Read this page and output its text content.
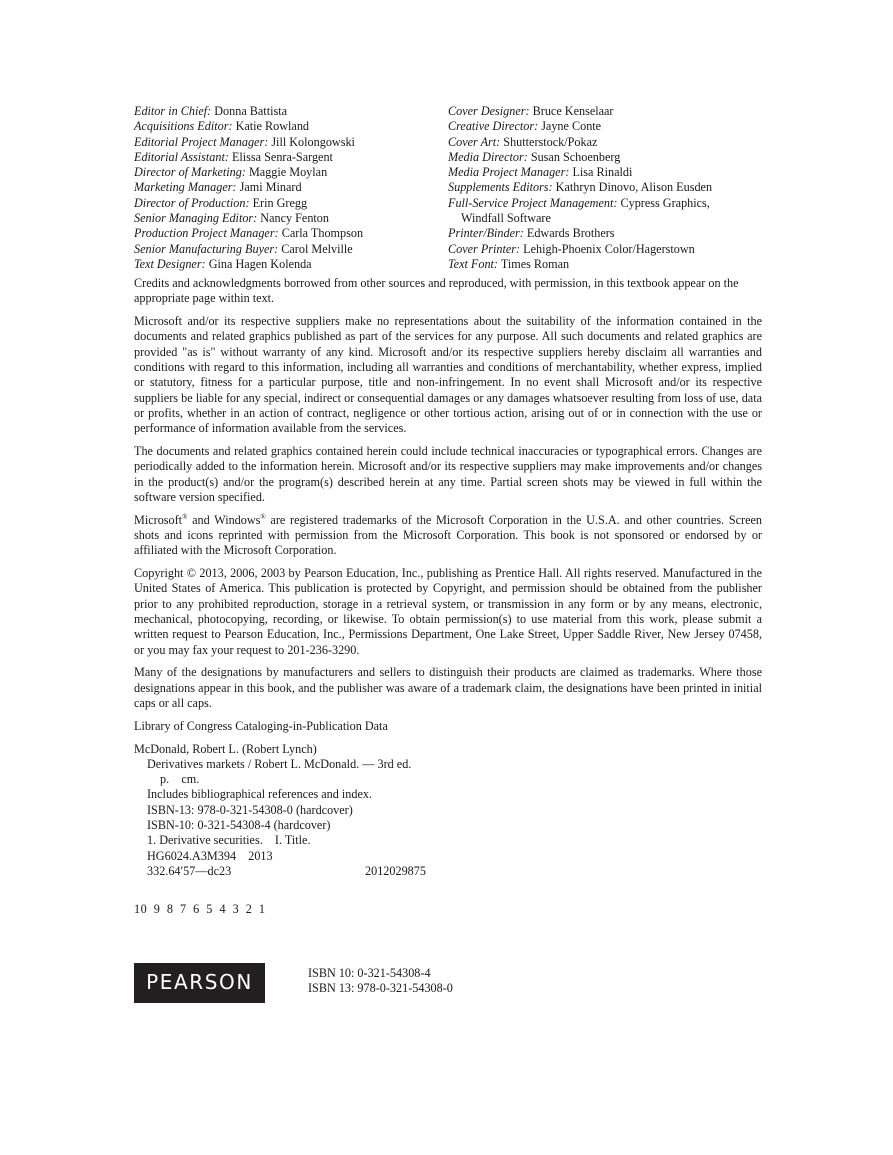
Editor in Chief: Donna Battista
Acquisitions Editor: Katie Rowland
Editorial Project Manager: Jill Kolongowski
Editorial Assistant: Elissa Senra-Sargent
Director of Marketing: Maggie Moylan
Marketing Manager: Jami Minard
Director of Production: Erin Gregg
Senior Managing Editor: Nancy Fenton
Production Project Manager: Carla Thompson
Senior Manufacturing Buyer: Carol Melville
Text Designer: Gina Hagen Kolenda
Cover Designer: Bruce Kenselaar
Creative Director: Jayne Conte
Cover Art: Shutterstock/Pokaz
Media Director: Susan Schoenberg
Media Project Manager: Lisa Rinaldi
Supplements Editors: Kathryn Dinovo, Alison Eusden
Full-Service Project Management: Cypress Graphics,
Windfall Software
Printer/Binder: Edwards Brothers
Cover Printer: Lehigh-Phoenix Color/Hagerstown
Text Font: Times Roman

Credits and acknowledgments borrowed from other sources and reproduced, with permission, in this textbook appear on the appropriate page within text.

Microsoft and/or its respective suppliers make no representations about the suitability of the information contained in the documents and related graphics published as part of the services for any purpose. All such documents and related graphics are provided "as is" without warranty of any kind. Microsoft and/or its respective suppliers hereby disclaim all warranties and conditions with regard to this information, including all warranties and conditions of merchantability, whether express, implied or statutory, fitness for a particular purpose, title and non-infringement. In no event shall Microsoft and/or its respective suppliers be liable for any special, indirect or consequential damages or any damages whatsoever resulting from loss of use, data or profits, whether in an action of contract, negligence or other tortious action, arising out of or in connection with the use or performance of information available from the services.

The documents and related graphics contained herein could include technical inaccuracies or typographical errors. Changes are periodically added to the information herein. Microsoft and/or its respective suppliers may make improvements and/or changes in the product(s) and/or the program(s) described herein at any time. Partial screen shots may be viewed in full within the software version specified.

Microsoft® and Windows® are registered trademarks of the Microsoft Corporation in the U.S.A. and other countries. Screen shots and icons reprinted with permission from the Microsoft Corporation. This book is not sponsored or endorsed by or affiliated with the Microsoft Corporation.

Copyright © 2013, 2006, 2003 by Pearson Education, Inc., publishing as Prentice Hall. All rights reserved. Manufactured in the United States of America. This publication is protected by Copyright, and permission should be obtained from the publisher prior to any prohibited reproduction, storage in a retrieval system, or transmission in any form or by any means, electronic, mechanical, photocopying, recording, or likewise. To obtain permission(s) to use material from this work, please submit a written request to Pearson Education, Inc., Permissions Department, One Lake Street, Upper Saddle River, New Jersey 07458, or you may fax your request to 201-236-3290.

Many of the designations by manufacturers and sellers to distinguish their products are claimed as trademarks. Where those designations appear in this book, and the publisher was aware of a trademark claim, the designations have been printed in initial caps or all caps.

Library of Congress Cataloging-in-Publication Data

McDonald, Robert L. (Robert Lynch)
Derivatives markets / Robert L. McDonald. — 3rd ed.
p.    cm.
Includes bibliographical references and index.
ISBN-13: 978-0-321-54308-0 (hardcover)
ISBN-10: 0-321-54308-4 (hardcover)
1. Derivative securities.    I. Title.
HG6024.A3M394    2013
332.64′57—dc23	2012029875
10 9 8 7 6 5 4 3 2 1
PEARSON	ISBN 10: 0-321-54308-4
ISBN 13: 978-0-321-54308-0
